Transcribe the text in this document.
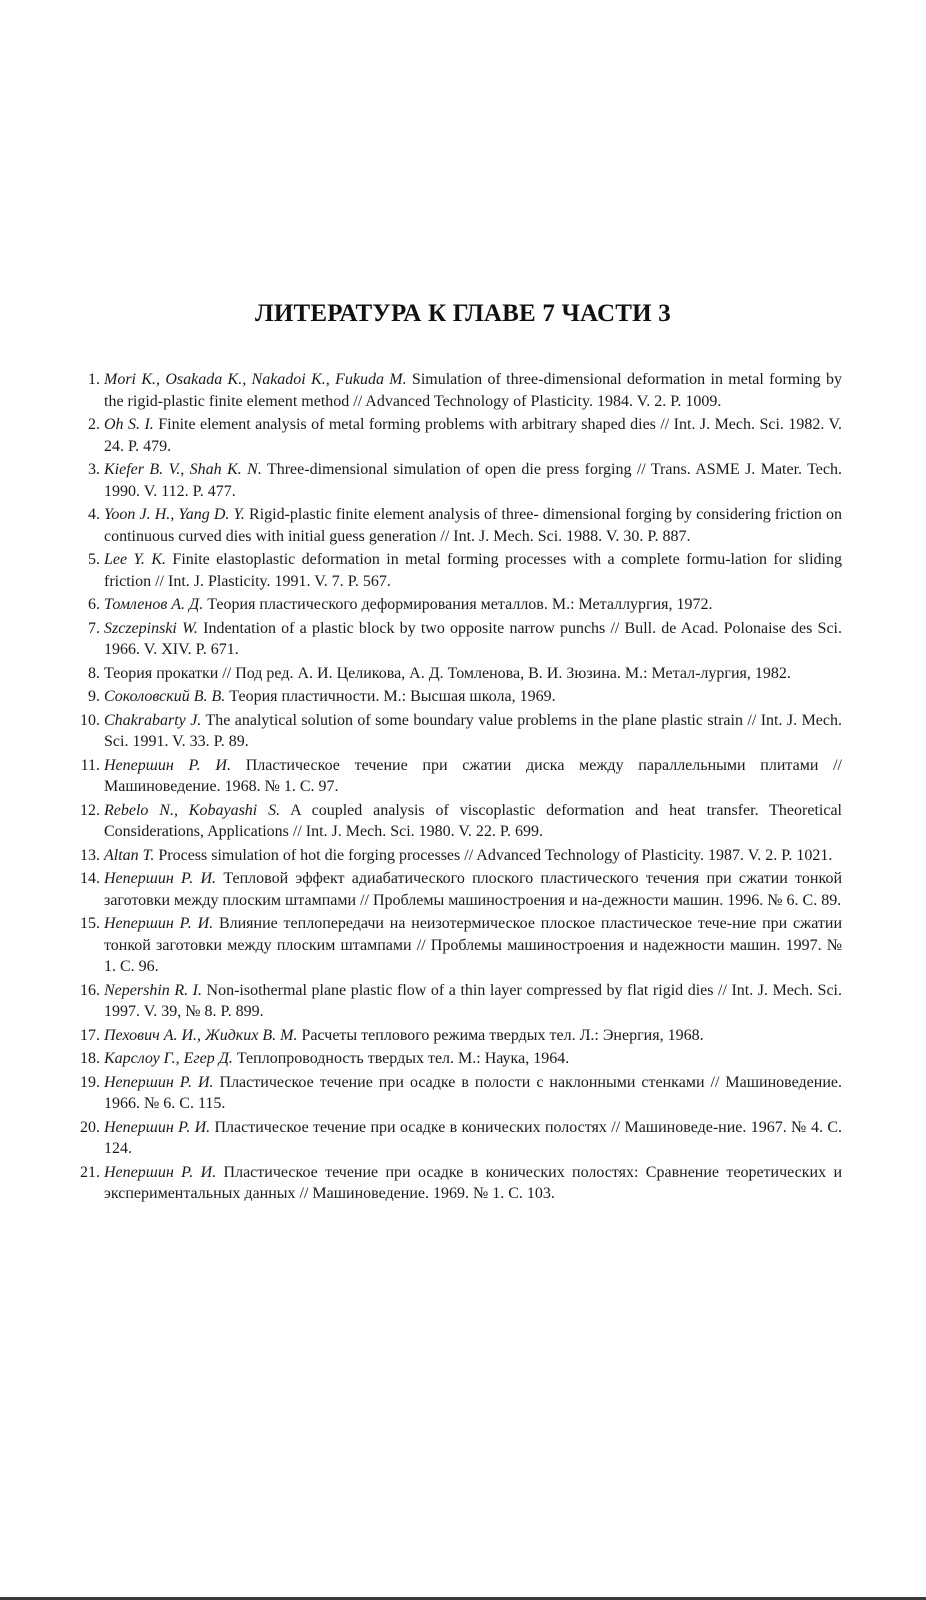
ЛИТЕРАТУРА К ГЛАВЕ 7 ЧАСТИ 3
1. Mori K., Osakada K., Nakadoi K., Fukuda M. Simulation of three-dimensional deformation in metal forming by the rigid-plastic finite element method // Advanced Technology of Plasticity. 1984. V. 2. P. 1009.
2. Oh S. I. Finite element analysis of metal forming problems with arbitrary shaped dies // Int. J. Mech. Sci. 1982. V. 24. P. 479.
3. Kiefer B. V., Shah K. N. Three-dimensional simulation of open die press forging // Trans. ASME J. Mater. Tech. 1990. V. 112. P. 477.
4. Yoon J. H., Yang D. Y. Rigid-plastic finite element analysis of three- dimensional forging by considering friction on continuous curved dies with initial guess generation // Int. J. Mech. Sci. 1988. V. 30. P. 887.
5. Lee Y. K. Finite elastoplastic deformation in metal forming processes with a complete formu-lation for sliding friction // Int. J. Plasticity. 1991. V. 7. P. 567.
6. Томленов А. Д. Теория пластического деформирования металлов. М.: Металлургия, 1972.
7. Szczepinski W. Indentation of a plastic block by two opposite narrow punchs // Bull. de Acad. Polonaise des Sci. 1966. V. XIV. P. 671.
8. Теория прокатки // Под ред. А. И. Целикова, А. Д. Томленова, В. И. Зюзина. М.: Метал-лургия, 1982.
9. Соколовский В. В. Теория пластичности. М.: Высшая школа, 1969.
10. Chakrabarty J. The analytical solution of some boundary value problems in the plane plastic strain // Int. J. Mech. Sci. 1991. V. 33. P. 89.
11. Непершин Р. И. Пластическое течение при сжатии диска между параллельными плитами // Машиноведение. 1968. № 1. С. 97.
12. Rebelo N., Kobayashi S. A coupled analysis of viscoplastic deformation and heat transfer. Theoretical Considerations, Applications // Int. J. Mech. Sci. 1980. V. 22. P. 699.
13. Altan T. Process simulation of hot die forging processes // Advanced Technology of Plasticity. 1987. V. 2. P. 1021.
14. Непершин Р. И. Тепловой эффект адиабатического плоского пластического течения при сжатии тонкой заготовки между плоским штампами // Проблемы машиностроения и на-дежности машин. 1996. № 6. С. 89.
15. Непершин Р. И. Влияние теплопередачи на неизотермическое плоское пластическое тече-ние при сжатии тонкой заготовки между плоским штампами // Проблемы машиностроения и надежности машин. 1997. № 1. С. 96.
16. Nepershin R. I. Non-isothermal plane plastic flow of a thin layer compressed by flat rigid dies // Int. J. Mech. Sci. 1997. V. 39, № 8. P. 899.
17. Пехович А. И., Жидких В. М. Расчеты теплового режима твердых тел. Л.: Энергия, 1968.
18. Карслоу Г., Егер Д. Теплопроводность твердых тел. М.: Наука, 1964.
19. Непершин Р. И. Пластическое течение при осадке в полости с наклонными стенками // Машиноведение. 1966. № 6. С. 115.
20. Непершин Р. И. Пластическое течение при осадке в конических полостях // Машиноведе-ние. 1967. № 4. С. 124.
21. Непершин Р. И. Пластическое течение при осадке в конических полостях: Сравнение теоретических и экспериментальных данных // Машиноведение. 1969. № 1. С. 103.
